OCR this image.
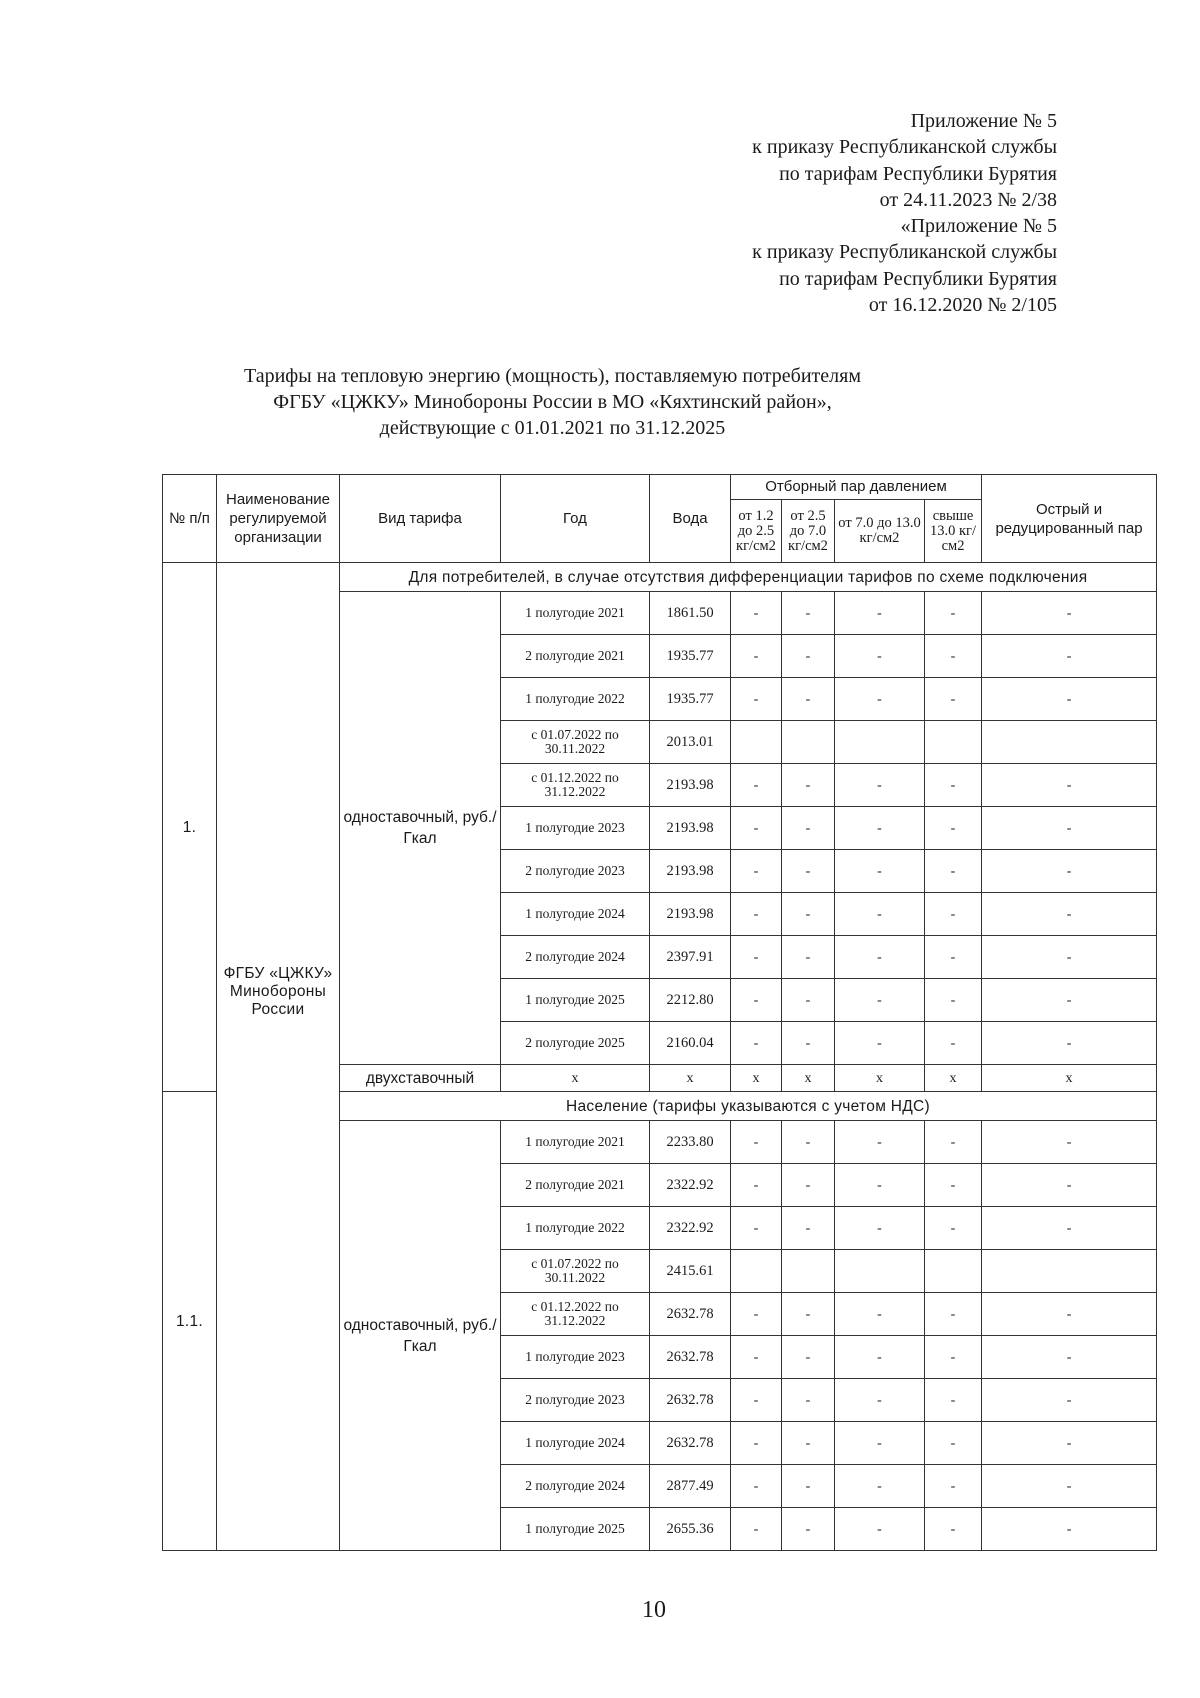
Приложение № 5
к приказу Республиканской службы
по тарифам Республики Бурятия
от 24.11.2023 № 2/38
«Приложение № 5
к приказу Республиканской службы
по тарифам Республики Бурятия
от 16.12.2020 № 2/105
Тарифы на тепловую энергию (мощность), поставляемую потребителям
ФГБУ «ЦЖКУ» Минобороны России в МО «Кяхтинский район»,
действующие с 01.01.2021 по 31.12.2025
№ п/п	Наименование регулируемой организации	Вид тарифа	Год	Вода	Отборный пар давлением				Острый и редуцированный пар
					от 1.2 до 2.5 кг/см2	от 2.5 до 7.0 кг/см2	от 7.0 до 13.0 кг/см2	свыше 13.0 кг/см2	
1.	ФГБУ «ЦЖКУ» Минобороны России	Для потребителей, в случае отсутствия дифференциации тарифов по схеме подключения							
		одноставочный, руб./Гкал	1 полугодие 2021	1861.50	-	-	-	-	-
			2 полугодие 2021	1935.77	-	-	-	-	-
			1 полугодие 2022	1935.77	-	-	-	-	-
			с 01.07.2022 по 30.11.2022	2013.01					
			с 01.12.2022 по 31.12.2022	2193.98	-	-	-	-	-
			1 полугодие 2023	2193.98	-	-	-	-	-
			2 полугодие 2023	2193.98	-	-	-	-	-
			1 полугодие 2024	2193.98	-	-	-	-	-
			2 полугодие 2024	2397.91	-	-	-	-	-
			1 полугодие 2025	2212.80	-	-	-	-	-
			2 полугодие 2025	2160.04	-	-	-	-	-
		двухставочный	х	х	х	х	х	х	х
1.1.		Население (тарифы указываются с учетом НДС)							
		одноставочный, руб./Гкал	1 полугодие 2021	2233.80	-	-	-	-	-
			2 полугодие 2021	2322.92	-	-	-	-	-
			1 полугодие 2022	2322.92	-	-	-	-	-
			с 01.07.2022 по 30.11.2022	2415.61					
			с 01.12.2022 по 31.12.2022	2632.78	-	-	-	-	-
			1 полугодие 2023	2632.78	-	-	-	-	-
			2 полугодие 2023	2632.78	-	-	-	-	-
			1 полугодие 2024	2632.78	-	-	-	-	-
			2 полугодие 2024	2877.49	-	-	-	-	-
			1 полугодие 2025	2655.36	-	-	-	-	-
10
